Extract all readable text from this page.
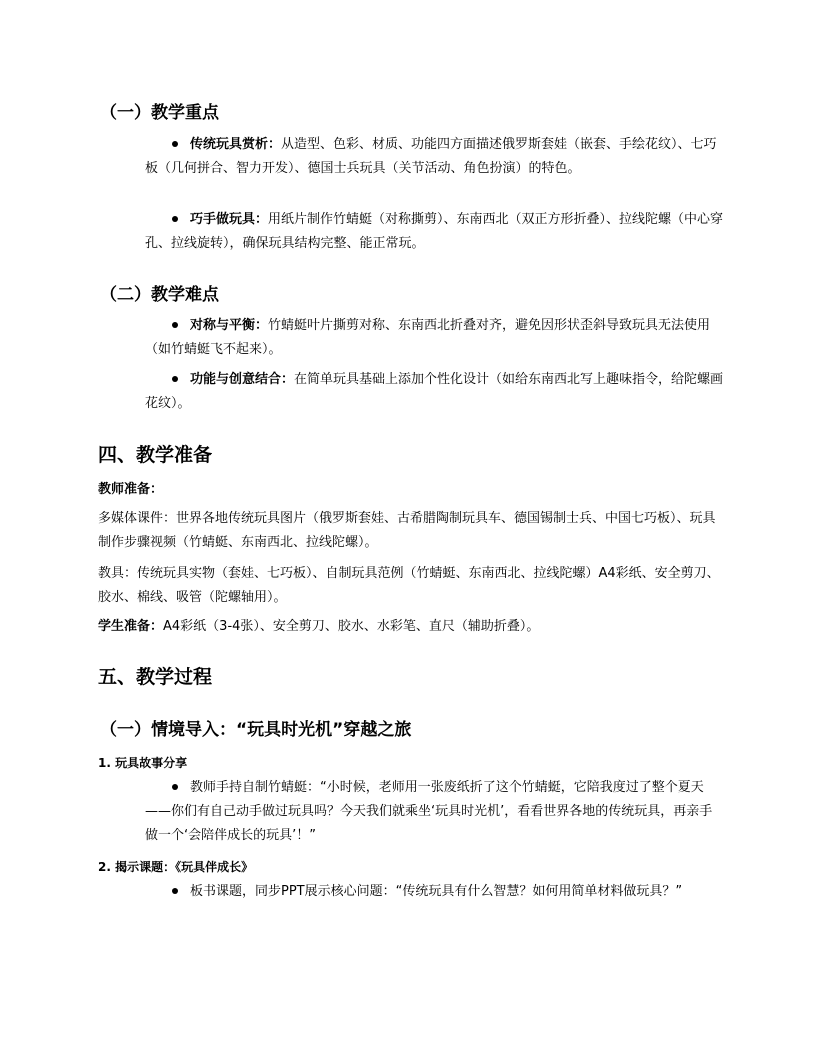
（一）教学重点
传统玩具赏析：从造型、色彩、材质、功能四方面描述俄罗斯套娃（嵌套、手绘花纹）、七巧板（几何拼合、智力开发）、德国士兵玩具（关节活动、角色扮演）的特色。
巧手做玩具：用纸片制作竹蜻蜓（对称撕剪）、东南西北（双正方形折叠）、拉线陀螺（中心穿孔、拉线旋转），确保玩具结构完整、能正常玩。
（二）教学难点
对称与平衡：竹蜻蜓叶片撕剪对称、东南西北折叠对齐，避免因形状歪斜导致玩具无法使用（如竹蜻蜓飞不起来）。
功能与创意结合：在简单玩具基础上添加个性化设计（如给东南西北写上趣味指令，给陀螺画花纹）。
四、教学准备
教师准备：
多媒体课件：世界各地传统玩具图片（俄罗斯套娃、古希腊陶制玩具车、德国锡制士兵、中国七巧板）、玩具制作步骤视频（竹蜻蜓、东南西北、拉线陀螺）。
教具：传统玩具实物（套娃、七巧板）、自制玩具范例（竹蜻蜓、东南西北、拉线陀螺）A4彩纸、安全剪刀、胶水、棉线、吸管（陀螺轴用）。
学生准备：A4彩纸（3-4张）、安全剪刀、胶水、水彩笔、直尺（辅助折叠）。
五、教学过程
（一）情境导入：“玩具时光机”穿越之旅
1. 玩具故事分享
教师手持自制竹蜻蜓：“小时候，老师用一张废纸折了这个竹蜻蜓，它陪我度过了整个夏天——你们有自己动手做过玩具吗？今天我们就乘坐‘玩具时光机’，看看世界各地的传统玩具，再亲手做一个‘会陪伴成长的玩具’！”
2. 揭示课题：《玩具伴成长》
板书课题，同步PPT展示核心问题：“传统玩具有什么智慧？如何用简单材料做玩具？”
